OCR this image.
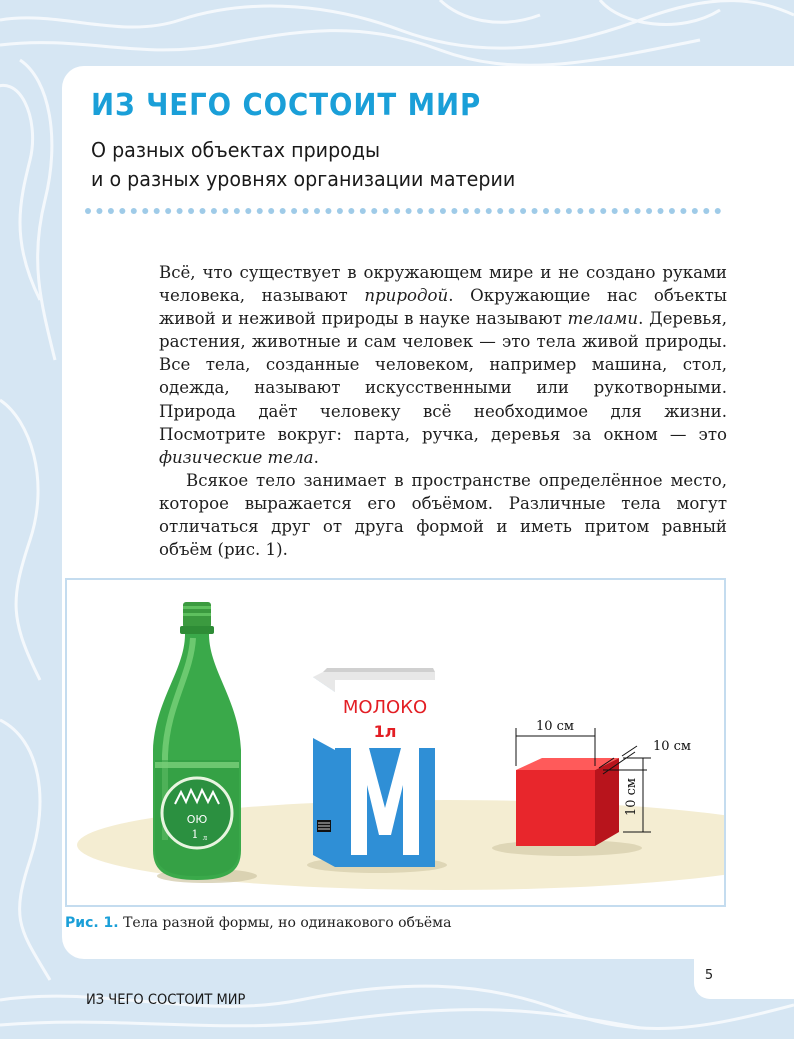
ИЗ ЧЕГО СОСТОИТ МИР
О разных объектах природы
и о разных уровнях организации материи

Всё, что существует в окружающем мире и не создано руками человека, называют природой. Окружающие нас объекты живой и неживой природы в науке называют телами. Деревья, растения, животные и сам человек — это тела живой природы. Все тела, созданные человеком, например машина, стол, одежда, называют искусственными или рукотворными. Природа даёт человеку всё необходимое для жизни. Посмотрите вокруг: парта, ручка, деревья за окном — это физические тела.

Всякое тело занимает в пространстве определённое место, которое выражается его объёмом. Различные тела могут отличаться друг от друга формой и иметь притом равный объём (рис. 1).

ОЮ
1 л
МОЛОКО
1л	10 см
10 см
10 см
Рис. 1. Тела разной формы, но одинакового объёма
5
ИЗ ЧЕГО СОСТОИТ МИР
